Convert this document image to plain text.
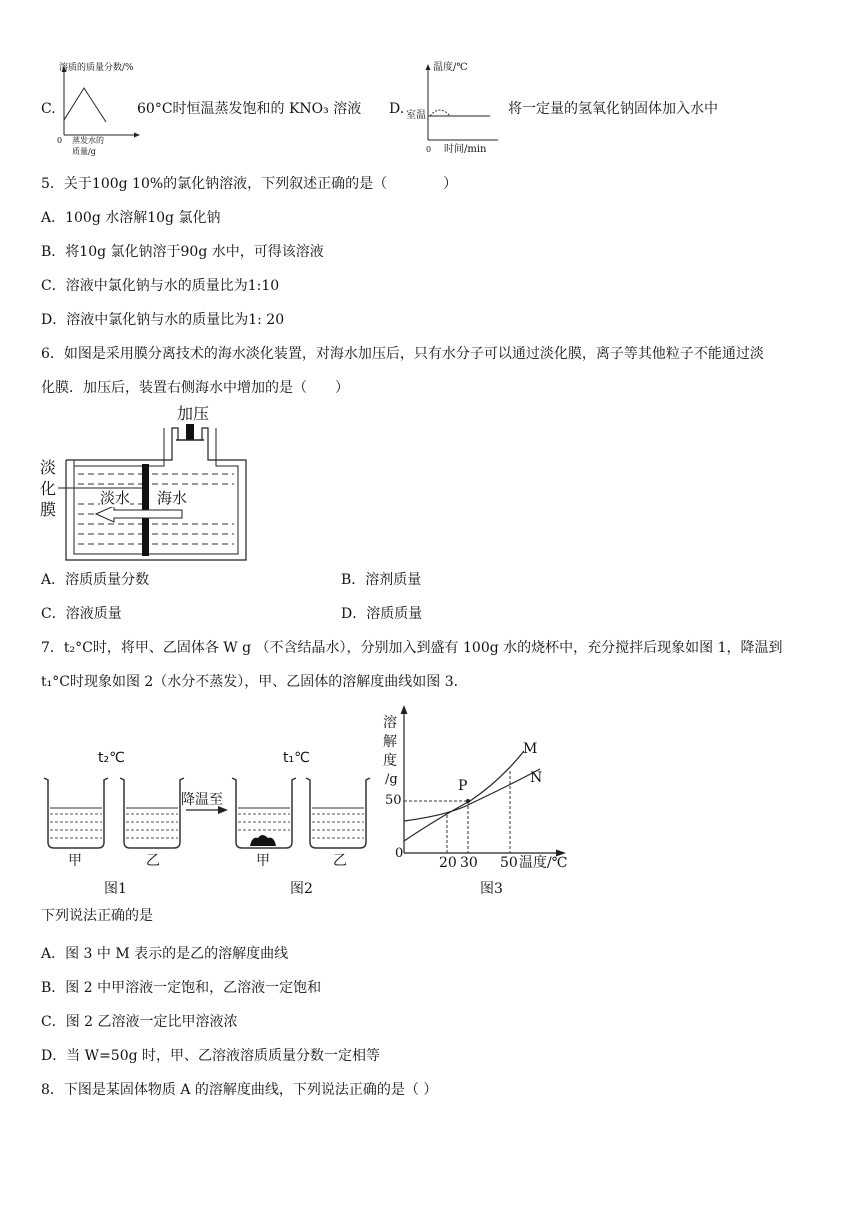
C.
溶质的质量分数/%
0 蒸发水的
质量/g
60°C时恒温蒸发饱和的 KNO₃ 溶液 D.
温度/℃
室温
0 时间/min
将一定量的氢氧化钠固体加入水中
5．关于100g 10%的氯化钠溶液，下列叙述正确的是（　　　　）
A．100g 水溶解10g 氯化钠
B．将10g 氯化钠溶于90g 水中，可得该溶液
C．溶液中氯化钠与水的质量比为1:10
D．溶液中氯化钠与水的质量比为1: 20
6．如图是采用膜分离技术的海水淡化装置，对海水加压后，只有水分子可以通过淡化膜，离子等其他粒子不能通过淡
化膜．加压后，装置右侧海水中增加的是（　　）
加压
淡
化
膜
淡水 海水
A．溶质质量分数	B．溶剂质量
C．溶液质量	D．溶质质量
7．t₂°C时，将甲、乙固体各 W g （不含结晶水），分别加入到盛有 100g 水的烧杯中，充分搅拌后现象如图 1，降温到
t₁°C时现象如图 2（水分不蒸发），甲、乙固体的溶解度曲线如图 3．
t₂℃	t₁℃
降温至
甲	乙	甲	乙
图1	图2
溶
解
度
/g
50
0
20 30 50 温度/℃
P
M
N
图3
下列说法正确的是
A．图 3 中 M 表示的是乙的溶解度曲线
B．图 2 中甲溶液一定饱和，乙溶液一定饱和
C．图 2 乙溶液一定比甲溶液浓
D．当 W=50g 时，甲、乙溶液溶质质量分数一定相等
8．下图是某固体物质 A 的溶解度曲线，下列说法正确的是（ ）
